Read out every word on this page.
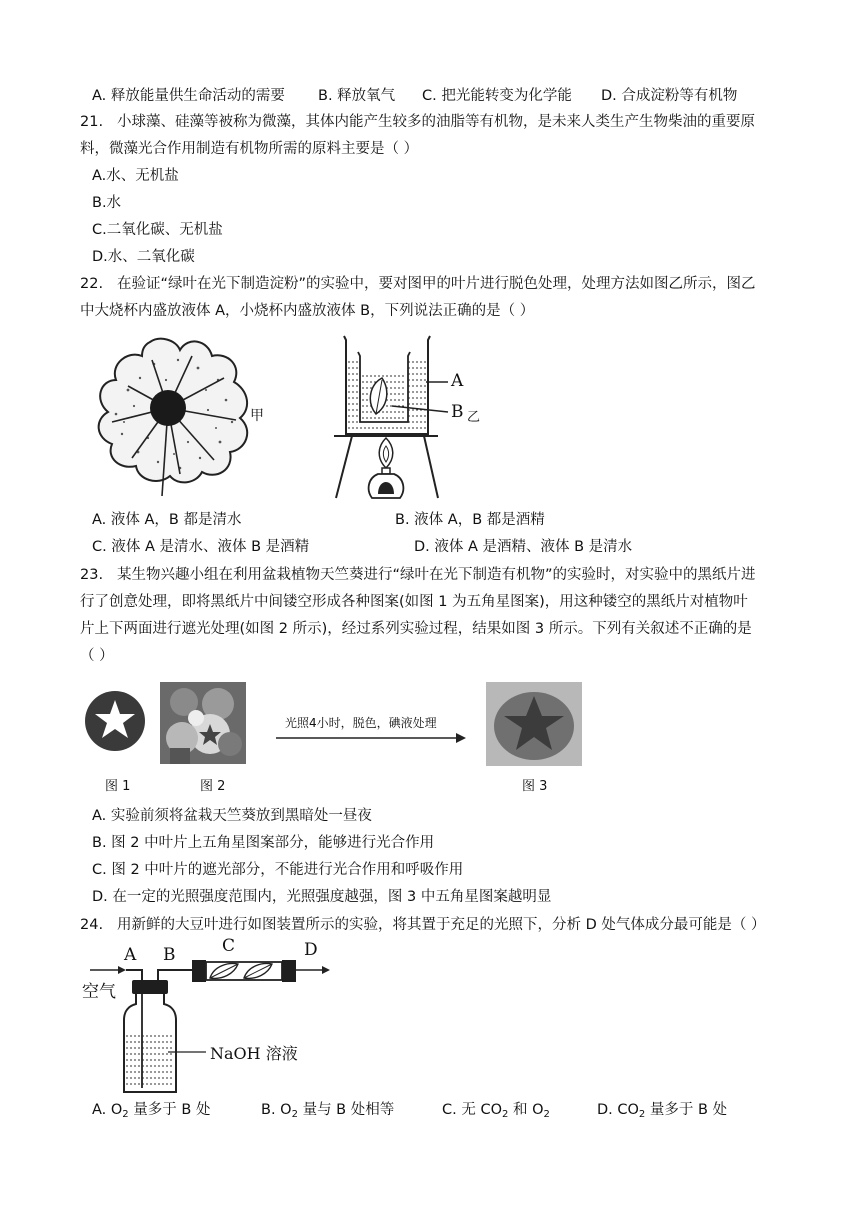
A. 释放能量供生命活动的需要 B. 释放氧气 C. 把光能转变为化学能 D. 合成淀粉等有机物
21. 小球藻、硅藻等被称为微藻，其体内能产生较多的油脂等有机物，是未来人类生产生物柴油的重要原
料，微藻光合作用制造有机物所需的原料主要是（ ）
A.水、无机盐
B.水
C.二氧化碳、无机盐
D.水、二氧化碳
22. 在验证“绿叶在光下制造淀粉”的实验中，要对图甲的叶片进行脱色处理，处理方法如图乙所示，图乙
中大烧杯内盛放液体 A，小烧杯内盛放液体 B，下列说法正确的是（ ）
甲
A
B 乙
A. 液体 A，B 都是清水	B. 液体 A，B 都是酒精
C. 液体 A 是清水、液体 B 是酒精	D. 液体 A 是酒精、液体 B 是清水
23. 某生物兴趣小组在利用盆栽植物天竺葵进行“绿叶在光下制造有机物”的实验时，对实验中的黑纸片进
行了创意处理，即将黑纸片中间镂空形成各种图案(如图 1 为五角星图案)，用这种镂空的黑纸片对植物叶
片上下两面进行遮光处理(如图 2 所示)，经过系列实验过程，结果如图 3 所示。下列有关叙述不正确的是
（ ）
图 1	图 2
光照4小时，脱色，碘液处理
图 3
A. 实验前须将盆栽天竺葵放到黑暗处一昼夜
B. 图 2 中叶片上五角星图案部分，能够进行光合作用
C. 图 2 中叶片的遮光部分，不能进行光合作用和呼吸作用
D. 在一定的光照强度范围内，光照强度越强，图 3 中五角星图案越明显
24. 用新鲜的大豆叶进行如图装置所示的实验，将其置于充足的光照下，分析 D 处气体成分最可能是（ ）
空气
A B	C	D
NaOH 溶液
A. $O_2$ 量多于 B 处	B. $O_2$ 量与 B 处相等	C. 无 $CO_2$ 和 $O_2$	D. $CO_2$ 量多于 B 处
